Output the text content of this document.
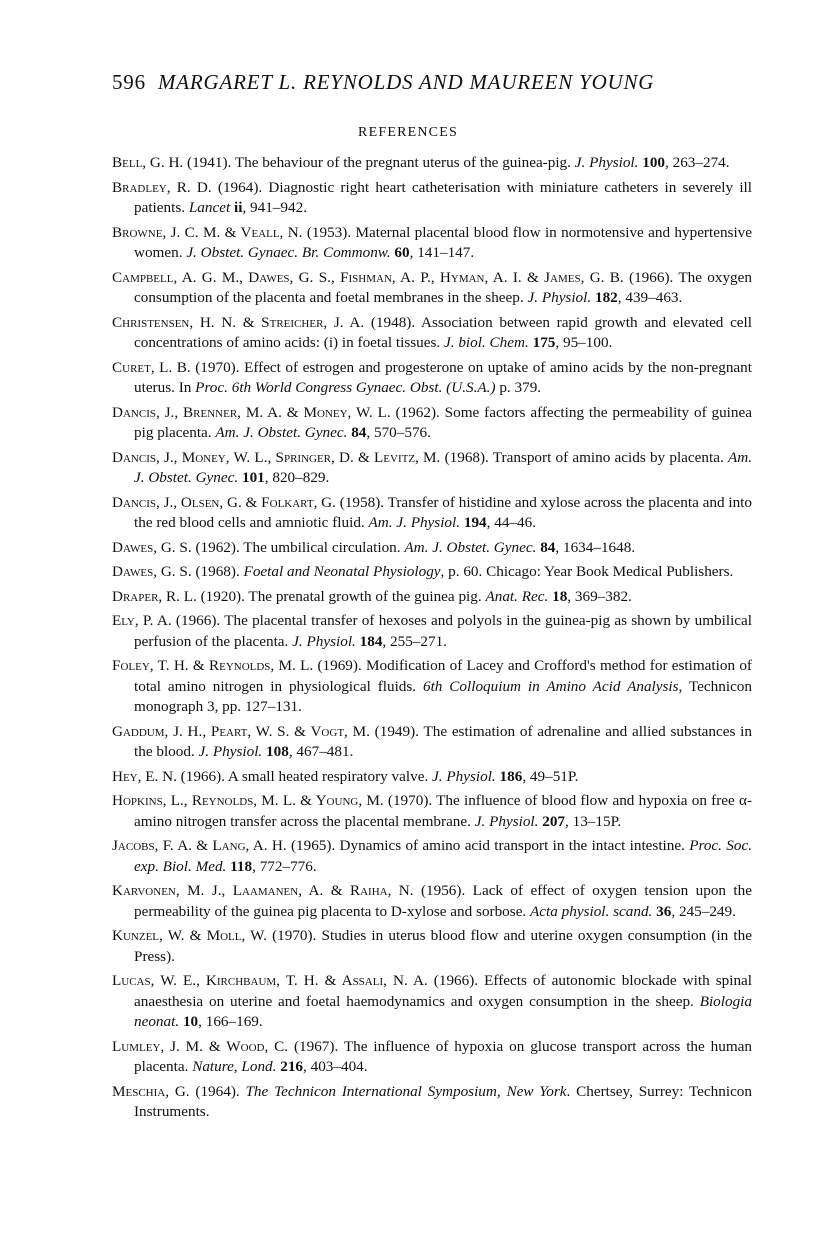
596 MARGARET L. REYNOLDS AND MAUREEN YOUNG
REFERENCES

Bell, G. H. (1941). The behaviour of the pregnant uterus of the guinea-pig. J. Physiol. 100, 263–274.

Bradley, R. D. (1964). Diagnostic right heart catheterisation with miniature catheters in severely ill patients. Lancet ii, 941–942.

Browne, J. C. M. & Veall, N. (1953). Maternal placental blood flow in normotensive and hypertensive women. J. Obstet. Gynaec. Br. Commonw. 60, 141–147.

Campbell, A. G. M., Dawes, G. S., Fishman, A. P., Hyman, A. I. & James, G. B. (1966). The oxygen consumption of the placenta and foetal membranes in the sheep. J. Physiol. 182, 439–463.

Christensen, H. N. & Streicher, J. A. (1948). Association between rapid growth and elevated cell concentrations of amino acids: (i) in foetal tissues. J. biol. Chem. 175, 95–100.

Curet, L. B. (1970). Effect of estrogen and progesterone on uptake of amino acids by the non-pregnant uterus. In Proc. 6th World Congress Gynaec. Obst. (U.S.A.) p. 379.

Dancis, J., Brenner, M. A. & Money, W. L. (1962). Some factors affecting the permeability of guinea pig placenta. Am. J. Obstet. Gynec. 84, 570–576.

Dancis, J., Money, W. L., Springer, D. & Levitz, M. (1968). Transport of amino acids by placenta. Am. J. Obstet. Gynec. 101, 820–829.

Dancis, J., Olsen, G. & Folkart, G. (1958). Transfer of histidine and xylose across the placenta and into the red blood cells and amniotic fluid. Am. J. Physiol. 194, 44–46.

Dawes, G. S. (1962). The umbilical circulation. Am. J. Obstet. Gynec. 84, 1634–1648.

Dawes, G. S. (1968). Foetal and Neonatal Physiology, p. 60. Chicago: Year Book Medical Publishers.

Draper, R. L. (1920). The prenatal growth of the guinea pig. Anat. Rec. 18, 369–382.

Ely, P. A. (1966). The placental transfer of hexoses and polyols in the guinea-pig as shown by umbilical perfusion of the placenta. J. Physiol. 184, 255–271.

Foley, T. H. & Reynolds, M. L. (1969). Modification of Lacey and Crofford's method for estimation of total amino nitrogen in physiological fluids. 6th Colloquium in Amino Acid Analysis, Technicon monograph 3, pp. 127–131.

Gaddum, J. H., Peart, W. S. & Vogt, M. (1949). The estimation of adrenaline and allied substances in the blood. J. Physiol. 108, 467–481.

Hey, E. N. (1966). A small heated respiratory valve. J. Physiol. 186, 49–51P.

Hopkins, L., Reynolds, M. L. & Young, M. (1970). The influence of blood flow and hypoxia on free α-amino nitrogen transfer across the placental membrane. J. Physiol. 207, 13–15P.

Jacobs, F. A. & Lang, A. H. (1965). Dynamics of amino acid transport in the intact intestine. Proc. Soc. exp. Biol. Med. 118, 772–776.

Karvonen, M. J., Laamanen, A. & Raiha, N. (1956). Lack of effect of oxygen tension upon the permeability of the guinea pig placenta to D-xylose and sorbose. Acta physiol. scand. 36, 245–249.

Kunzel, W. & Moll, W. (1970). Studies in uterus blood flow and uterine oxygen consumption (in the Press).

Lucas, W. E., Kirchbaum, T. H. & Assali, N. A. (1966). Effects of autonomic blockade with spinal anaesthesia on uterine and foetal haemodynamics and oxygen consumption in the sheep. Biologia neonat. 10, 166–169.

Lumley, J. M. & Wood, C. (1967). The influence of hypoxia on glucose transport across the human placenta. Nature, Lond. 216, 403–404.

Meschia, G. (1964). The Technicon International Symposium, New York. Chertsey, Surrey: Technicon Instruments.
